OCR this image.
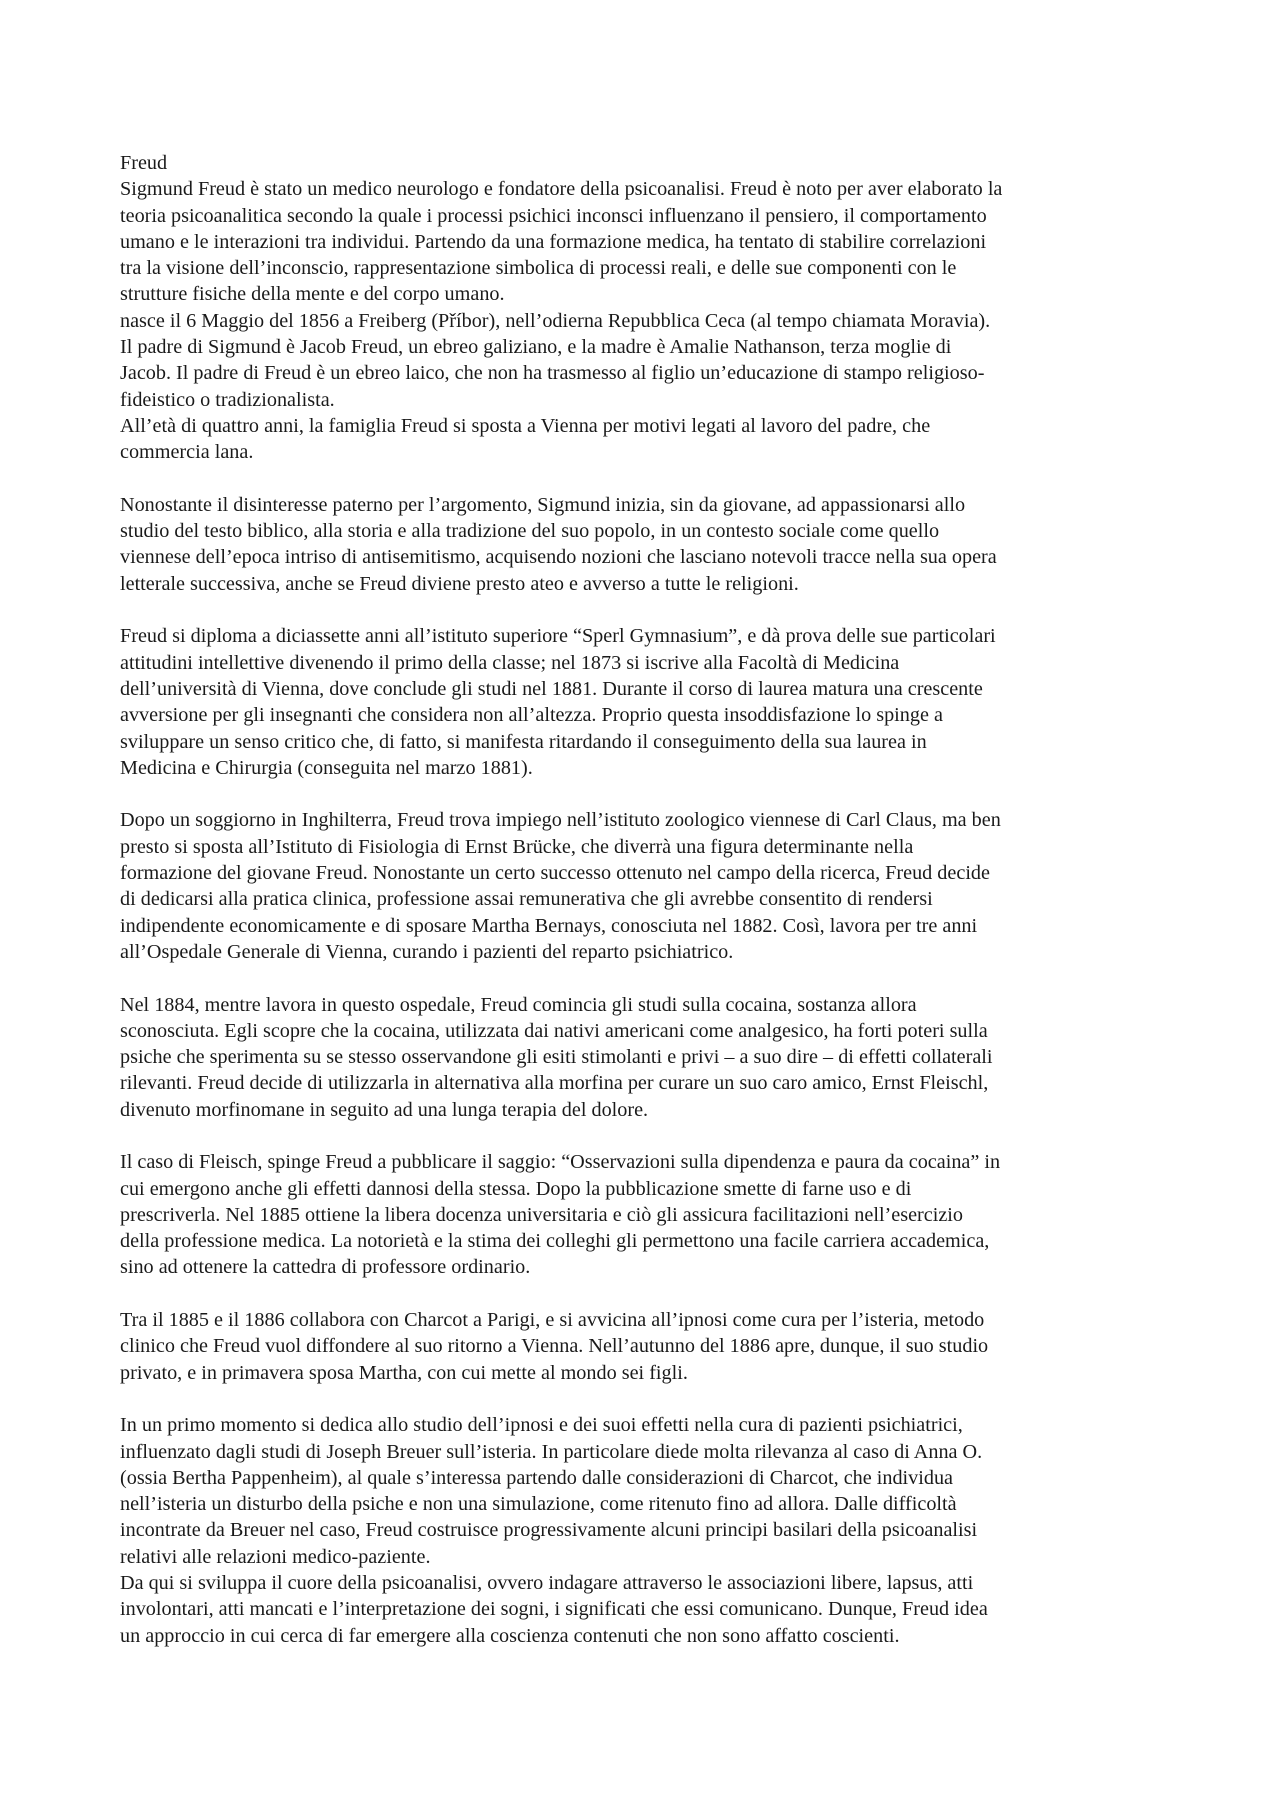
Freud

Sigmund Freud è stato un medico neurologo e fondatore della psicoanalisi. Freud è noto per aver elaborato la

teoria psicoanalitica secondo la quale i processi psichici inconsci influenzano il pensiero, il comportamento

umano e le interazioni tra individui. Partendo da una formazione medica, ha tentato di stabilire correlazioni

tra la visione dell’inconscio, rappresentazione simbolica di processi reali, e delle sue componenti con le

strutture fisiche della mente e del corpo umano.

nasce il 6 Maggio del 1856 a Freiberg (Příbor), nell’odierna Repubblica Ceca (al tempo chiamata Moravia).

Il padre di Sigmund è Jacob Freud, un ebreo galiziano, e la madre è Amalie Nathanson, terza moglie di

Jacob. Il padre di Freud è un ebreo laico, che non ha trasmesso al figlio un’educazione di stampo religioso-

fideistico o tradizionalista.

All’età di quattro anni, la famiglia Freud si sposta a Vienna per motivi legati al lavoro del padre, che

commercia lana.

Nonostante il disinteresse paterno per l’argomento, Sigmund inizia, sin da giovane, ad appassionarsi allo

studio del testo biblico, alla storia e alla tradizione del suo popolo, in un contesto sociale come quello

viennese dell’epoca intriso di antisemitismo, acquisendo nozioni che lasciano notevoli tracce nella sua opera

letterale successiva, anche se Freud diviene presto ateo e avverso a tutte le religioni.

Freud si diploma a diciassette anni all’istituto superiore “Sperl Gymnasium”, e dà prova delle sue particolari

attitudini intellettive divenendo il primo della classe; nel 1873 si iscrive alla Facoltà di Medicina

dell’università di Vienna, dove conclude gli studi nel 1881. Durante il corso di laurea matura una crescente

avversione per gli insegnanti che considera non all’altezza. Proprio questa insoddisfazione lo spinge a

sviluppare un senso critico che, di fatto, si manifesta ritardando il conseguimento della sua laurea in

Medicina e Chirurgia (conseguita nel marzo 1881).

Dopo un soggiorno in Inghilterra, Freud trova impiego nell’istituto zoologico viennese di Carl Claus, ma ben

presto si sposta all’Istituto di Fisiologia di Ernst Brücke, che diverrà una figura determinante nella

formazione del giovane Freud. Nonostante un certo successo ottenuto nel campo della ricerca, Freud decide

di dedicarsi alla pratica clinica, professione assai remunerativa che gli avrebbe consentito di rendersi

indipendente economicamente e di sposare Martha Bernays, conosciuta nel 1882. Così, lavora per tre anni

all’Ospedale Generale di Vienna, curando i pazienti del reparto psichiatrico.

Nel 1884, mentre lavora in questo ospedale, Freud comincia gli studi sulla cocaina, sostanza allora

sconosciuta. Egli scopre che la cocaina, utilizzata dai nativi americani come analgesico, ha forti poteri sulla

psiche che sperimenta su se stesso osservandone gli esiti stimolanti e privi – a suo dire – di effetti collaterali

rilevanti. Freud decide di utilizzarla in alternativa alla morfina per curare un suo caro amico, Ernst Fleischl,

divenuto morfinomane in seguito ad una lunga terapia del dolore.

Il caso di Fleisch, spinge Freud a pubblicare il saggio: “Osservazioni sulla dipendenza e paura da cocaina” in

cui emergono anche gli effetti dannosi della stessa. Dopo la pubblicazione smette di farne uso e di

prescriverla. Nel 1885 ottiene la libera docenza universitaria e ciò gli assicura facilitazioni nell’esercizio

della professione medica. La notorietà e la stima dei colleghi gli permettono una facile carriera accademica,

sino ad ottenere la cattedra di professore ordinario.

Tra il 1885 e il 1886 collabora con Charcot a Parigi, e si avvicina all’ipnosi come cura per l’isteria, metodo

clinico che Freud vuol diffondere al suo ritorno a Vienna. Nell’autunno del 1886 apre, dunque, il suo studio

privato, e in primavera sposa Martha, con cui mette al mondo sei figli.

In un primo momento si dedica allo studio dell’ipnosi e dei suoi effetti nella cura di pazienti psichiatrici,

influenzato dagli studi di Joseph Breuer sull’isteria. In particolare diede molta rilevanza al caso di Anna O.

(ossia Bertha Pappenheim), al quale s’interessa partendo dalle considerazioni di Charcot, che individua

nell’isteria un disturbo della psiche e non una simulazione, come ritenuto fino ad allora. Dalle difficoltà

incontrate da Breuer nel caso, Freud costruisce progressivamente alcuni principi basilari della psicoanalisi

relativi alle relazioni medico-paziente.

Da qui si sviluppa il cuore della psicoanalisi, ovvero indagare attraverso le associazioni libere, lapsus, atti

involontari, atti mancati e l’interpretazione dei sogni, i significati che essi comunicano. Dunque, Freud idea

un approccio in cui cerca di far emergere alla coscienza contenuti che non sono affatto coscienti.
